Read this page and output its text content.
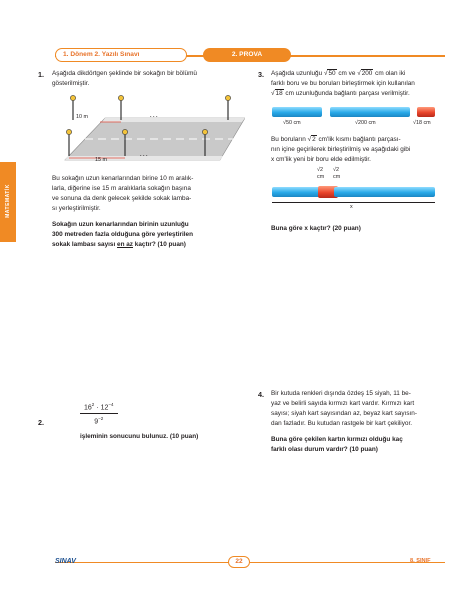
1. Dönem 2. Yazılı Sınavı	2. PROVA
MATEMATİK
1. Aşağıda dikdörtgen şeklinde bir sokağın bir bölümü
gösterilmiştir.
10 m	. . .
15 m
. . .
Bu sokağın uzun kenarlarından birine 10 m aralık-
larla, diğerine ise 15 m aralıklarla sokağın başına
ve sonuna da denk gelecek şekilde sokak lamba-
sı yerleştirilmiştir.
Sokağın uzun kenarlarından birinin uzunluğu
300 metreden fazla olduğuna göre yerleştirilen
sokak lambası sayısı en az kaçtır? (10 puan)
2.	$\frac{16^2 \cdot 12^{-4}}{9^{-2}}$
işleminin sonucunu bulunuz. (10 puan)
3. Aşağıda uzunluğu √50 cm ve √200 cm olan iki
farklı boru ve bu boruları birleştirmek için kullanılan
√18 cm uzunluğunda bağlantı parçası verilmiştir.
√50 cm	√200 cm	√18 cm
Bu boruların √2 cm'lik kısmı bağlantı parçası-
nın içine geçirilerek birleştirilmiş ve aşağıdaki gibi
x cm'lik yeni bir boru elde edilmiştir.
√2 √2
cm cm
x
Buna göre x kaçtır? (20 puan)
4. Bir kutuda renkleri dışında özdeş 15 siyah, 11 be-
yaz ve belirli sayıda kırmızı kart vardır. Kırmızı kart
sayısı; siyah kart sayısından az, beyaz kart sayısın-
dan fazladır. Bu kutudan rastgele bir kart çekiliyor.
Buna göre çekilen kartın kırmızı olduğu kaç
farklı olası durum vardır? (10 puan)
SINAV	22	8. SINIF
